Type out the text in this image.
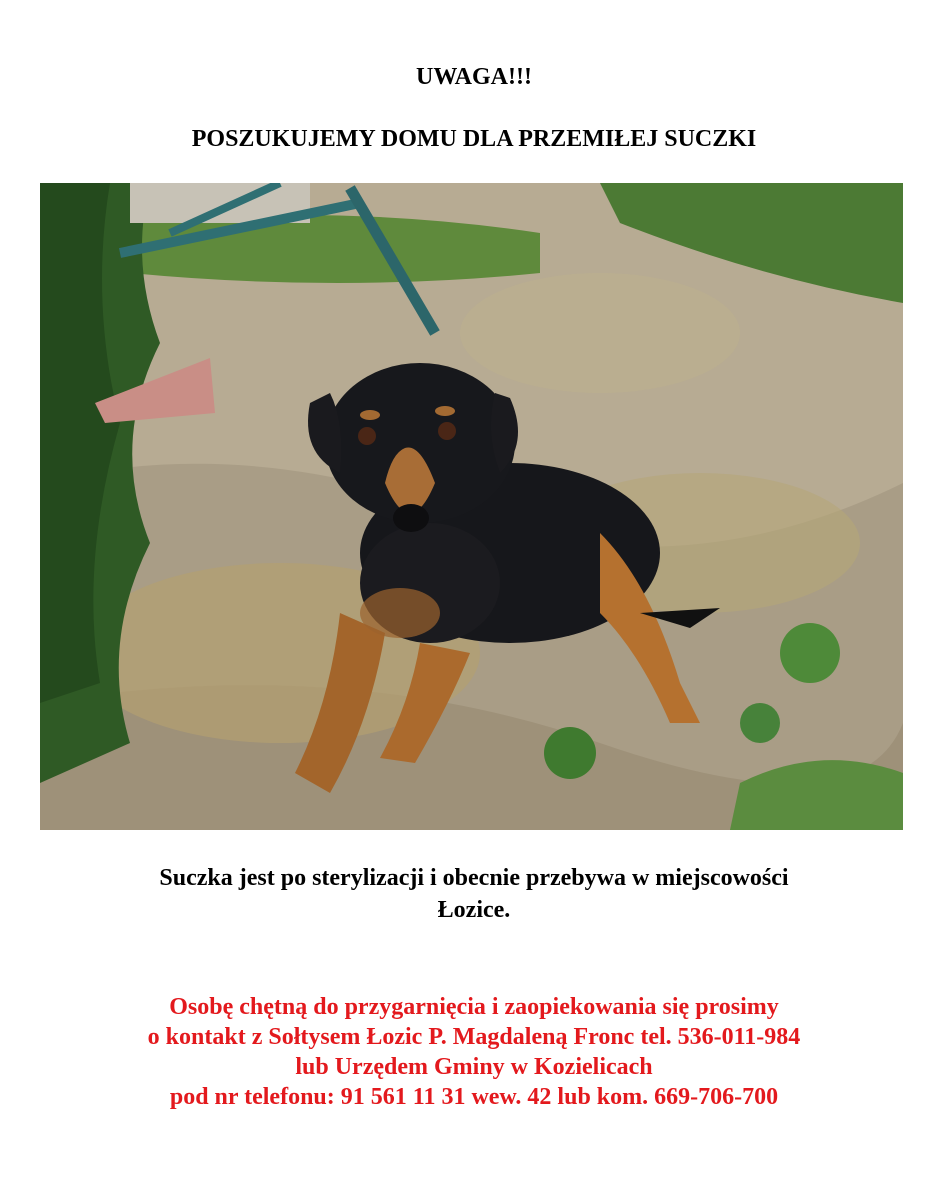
UWAGA!!!
POSZUKUJEMY DOMU DLA PRZEMIŁEJ SUCZKI

Suczka jest po sterylizacji i obecnie przebywa w miejscowości
Łozice.

Osobę chętną do przygarnięcia i zaopiekowania się prosimy
o kontakt z Sołtysem Łozic P. Magdaleną Fronc tel. 536-011-984
lub Urzędem Gminy w Kozielicach
pod nr telefonu: 91 561 11 31 wew. 42 lub kom. 669-706-700
